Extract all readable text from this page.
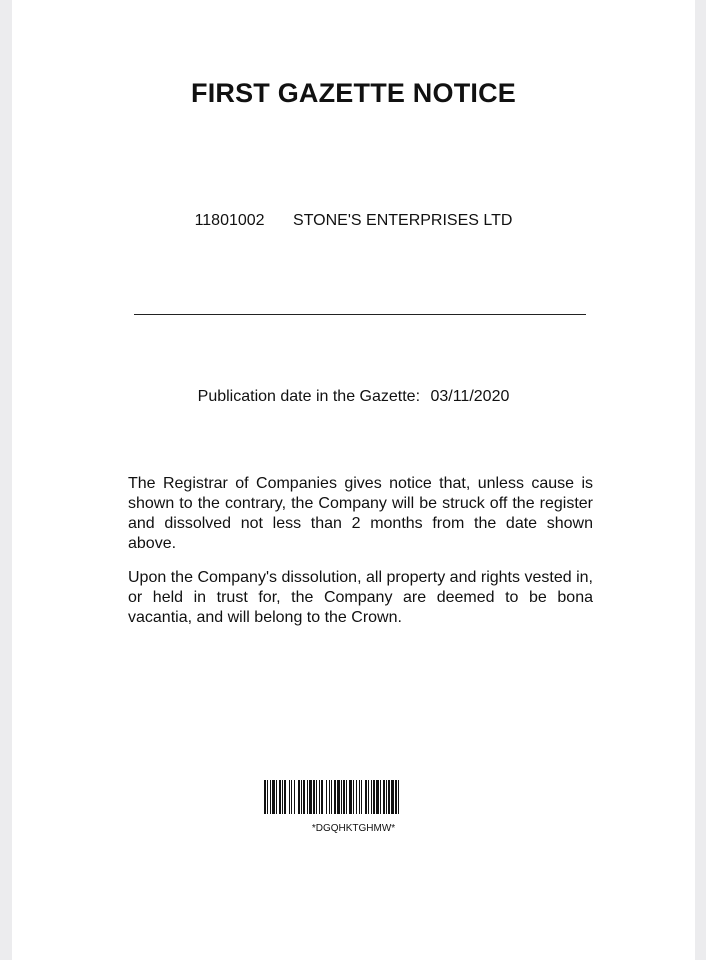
FIRST GAZETTE NOTICE
11801002 STONE'S ENTERPRISES LTD
Publication date in the Gazette: 03/11/2020

The Registrar of Companies gives notice that, unless cause is shown to the contrary, the Company will be struck off the register and dissolved not less than 2 months from the date shown above.

Upon the Company's dissolution, all property and rights vested in, or held in trust for, the Company are deemed to be bona vacantia, and will belong to the Crown.

*DGQHKTGHMW*
